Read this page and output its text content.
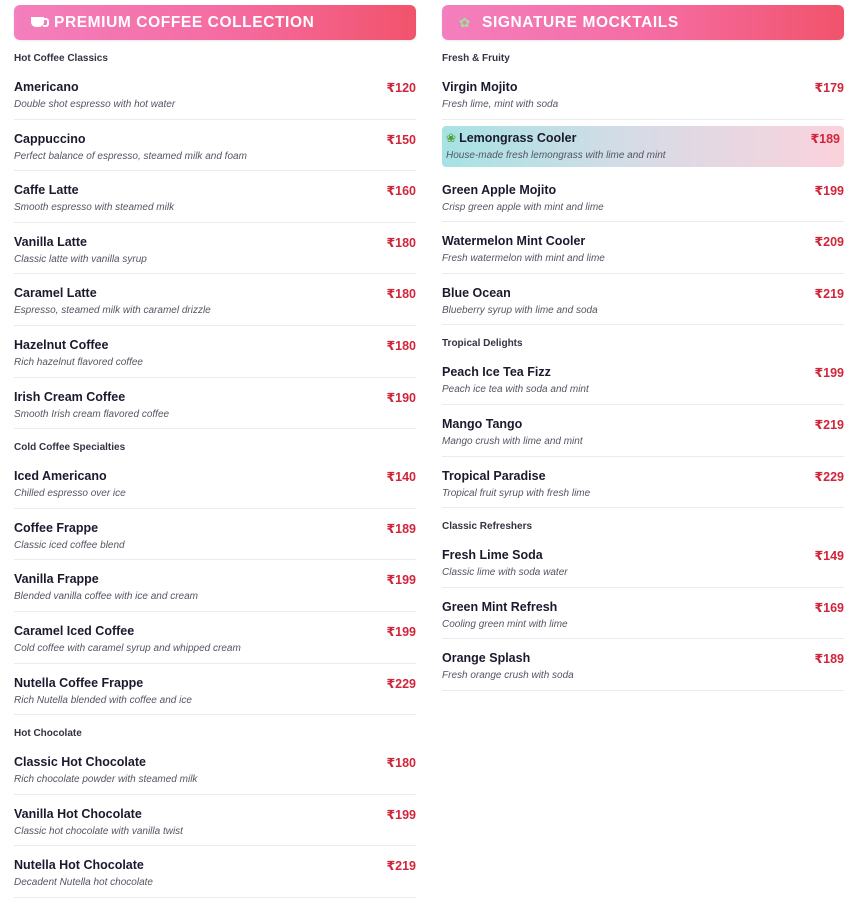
PREMIUM COFFEE COLLECTION
Hot Coffee Classics
Americano
Double shot espresso with hot water
₹120
Cappuccino
Perfect balance of espresso, steamed milk and foam
₹150
Caffe Latte
Smooth espresso with steamed milk
₹160
Vanilla Latte
Classic latte with vanilla syrup
₹180
Caramel Latte
Espresso, steamed milk with caramel drizzle
₹180
Hazelnut Coffee
Rich hazelnut flavored coffee
₹180
Irish Cream Coffee
Smooth Irish cream flavored coffee
₹190
Cold Coffee Specialties
Iced Americano
Chilled espresso over ice
₹140
Coffee Frappe
Classic iced coffee blend
₹189
Vanilla Frappe
Blended vanilla coffee with ice and cream
₹199
Caramel Iced Coffee
Cold coffee with caramel syrup and whipped cream
₹199
Nutella Coffee Frappe
Rich Nutella blended with coffee and ice
₹229
Hot Chocolate
Classic Hot Chocolate
Rich chocolate powder with steamed milk
₹180
Vanilla Hot Chocolate
Classic hot chocolate with vanilla twist
₹199
Nutella Hot Chocolate
Decadent Nutella hot chocolate
₹219
✿ SIGNATURE MOCKTAILS
Fresh & Fruity
Virgin Mojito
Fresh lime, mint with soda
₹179
❀ Lemongrass Cooler
House-made fresh lemongrass with lime and mint
₹189
Green Apple Mojito
Crisp green apple with mint and lime
₹199
Watermelon Mint Cooler
Fresh watermelon with mint and lime
₹209
Blue Ocean
Blueberry syrup with lime and soda
₹219
Tropical Delights
Peach Ice Tea Fizz
Peach ice tea with soda and mint
₹199
Mango Tango
Mango crush with lime and mint
₹219
Tropical Paradise
Tropical fruit syrup with fresh lime
₹229
Classic Refreshers
Fresh Lime Soda
Classic lime with soda water
₹149
Green Mint Refresh
Cooling green mint with lime
₹169
Orange Splash
Fresh orange crush with soda
₹189
